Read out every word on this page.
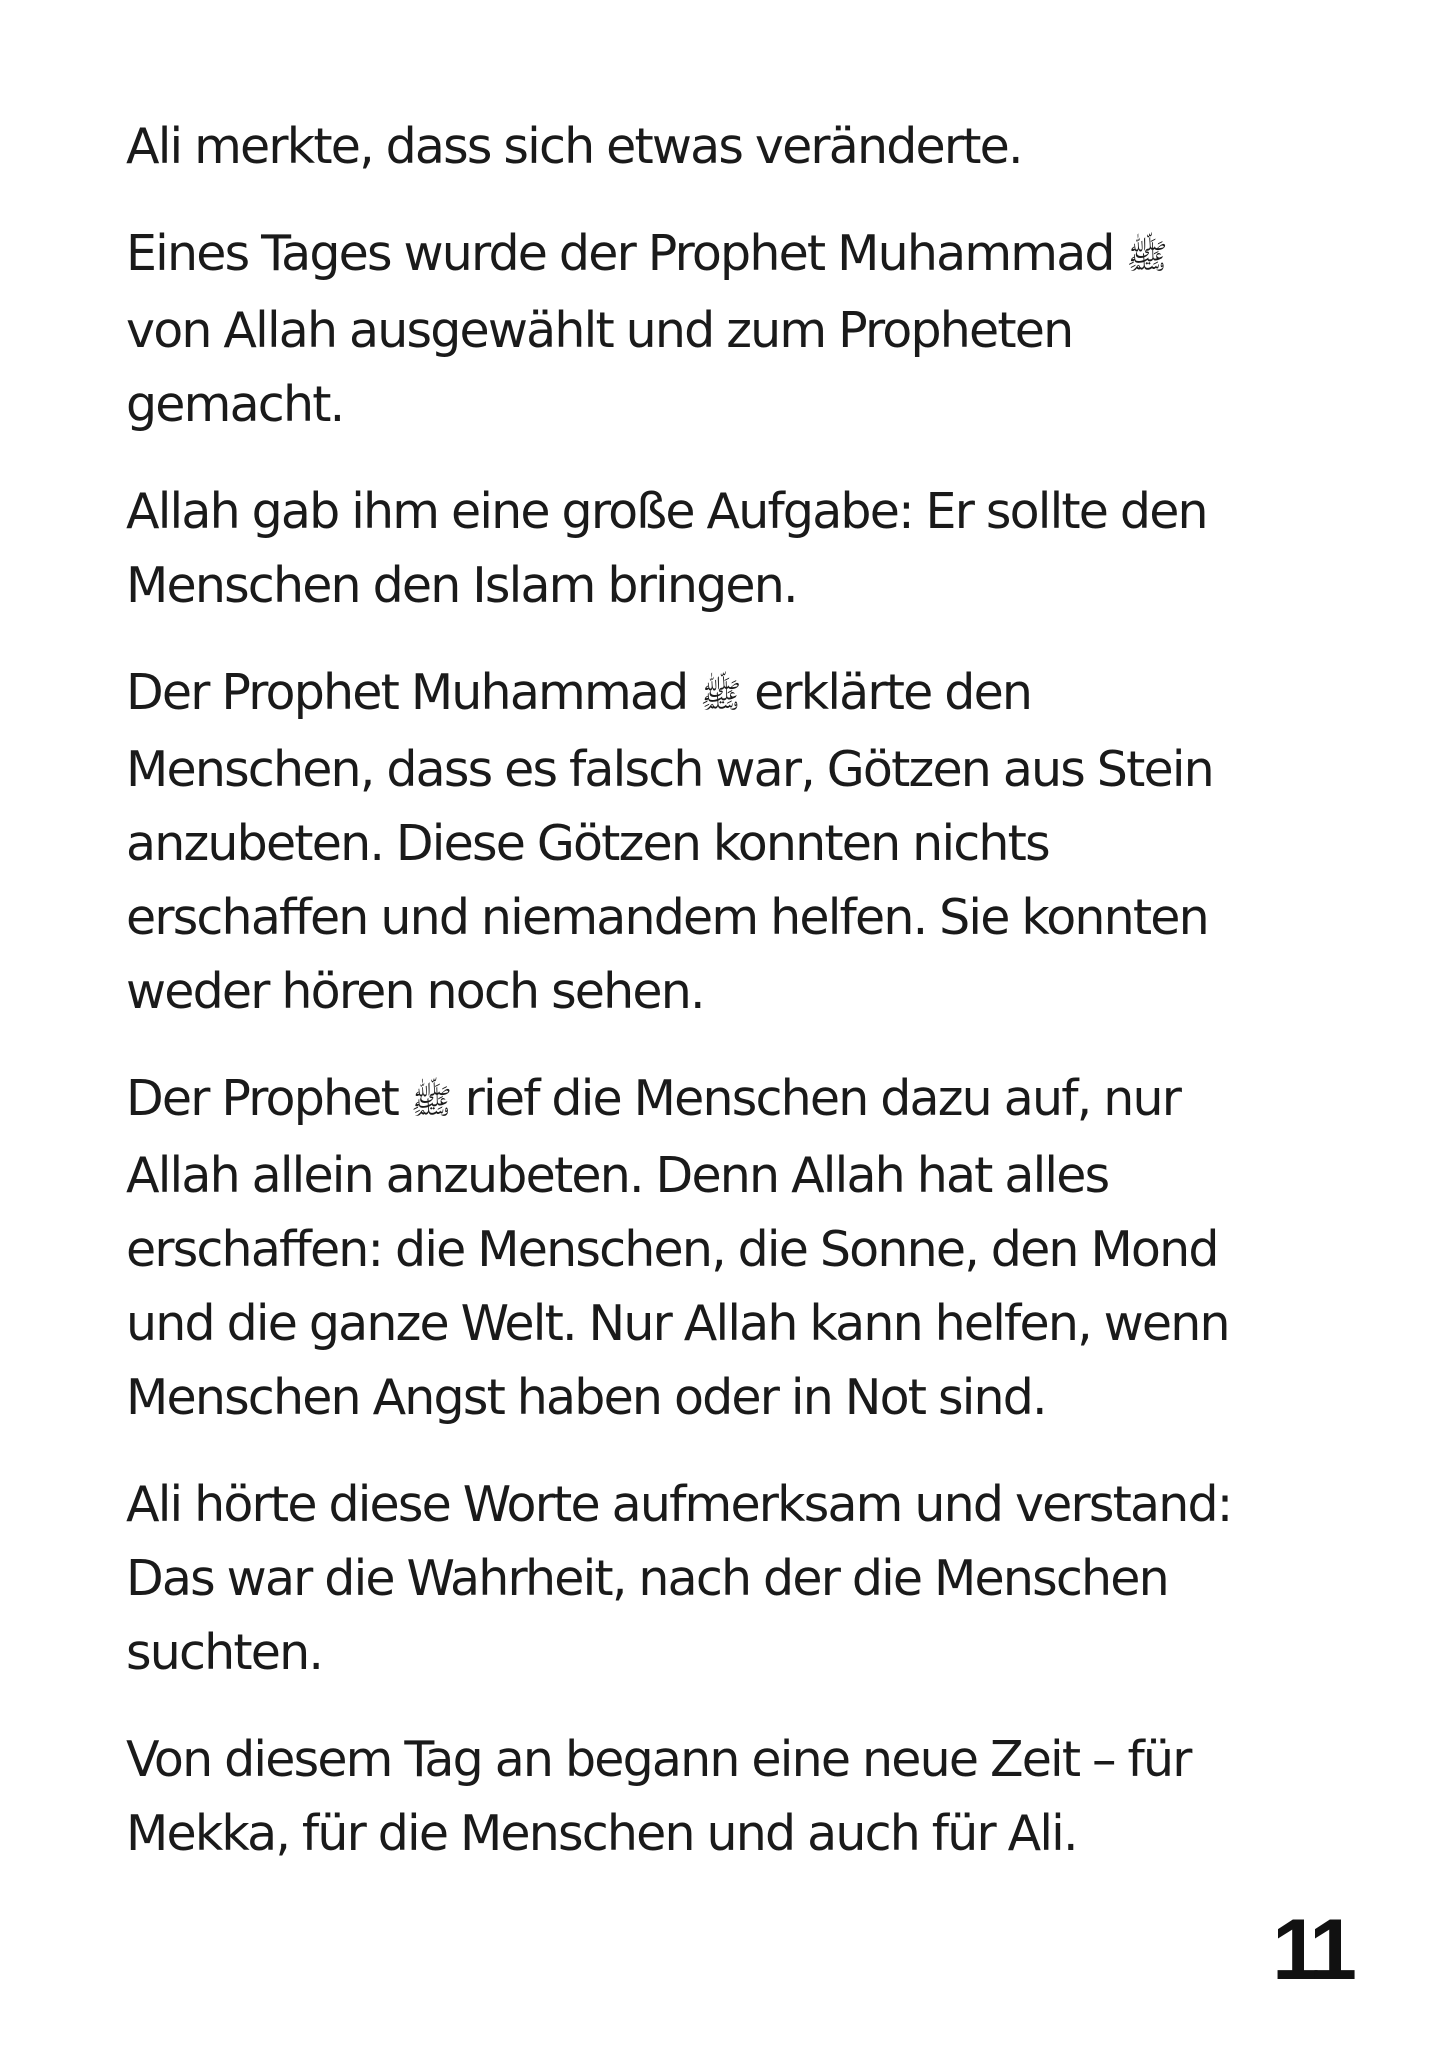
Ali merkte, dass sich etwas veränderte.

Eines Tages wurde der Prophet Muhammad ﷺ
von Allah ausgewählt und zum Propheten
gemacht.

Allah gab ihm eine große Aufgabe: Er sollte den
Menschen den Islam bringen.

Der Prophet Muhammad ﷺ erklärte den
Menschen, dass es falsch war, Götzen aus Stein
anzubeten. Diese Götzen konnten nichts
erschaffen und niemandem helfen. Sie konnten
weder hören noch sehen.

Der Prophet ﷺ rief die Menschen dazu auf, nur
Allah allein anzubeten. Denn Allah hat alles
erschaffen: die Menschen, die Sonne, den Mond
und die ganze Welt. Nur Allah kann helfen, wenn
Menschen Angst haben oder in Not sind.

Ali hörte diese Worte aufmerksam und verstand:
Das war die Wahrheit, nach der die Menschen
suchten.

Von diesem Tag an begann eine neue Zeit – für
Mekka, für die Menschen und auch für Ali.

11
